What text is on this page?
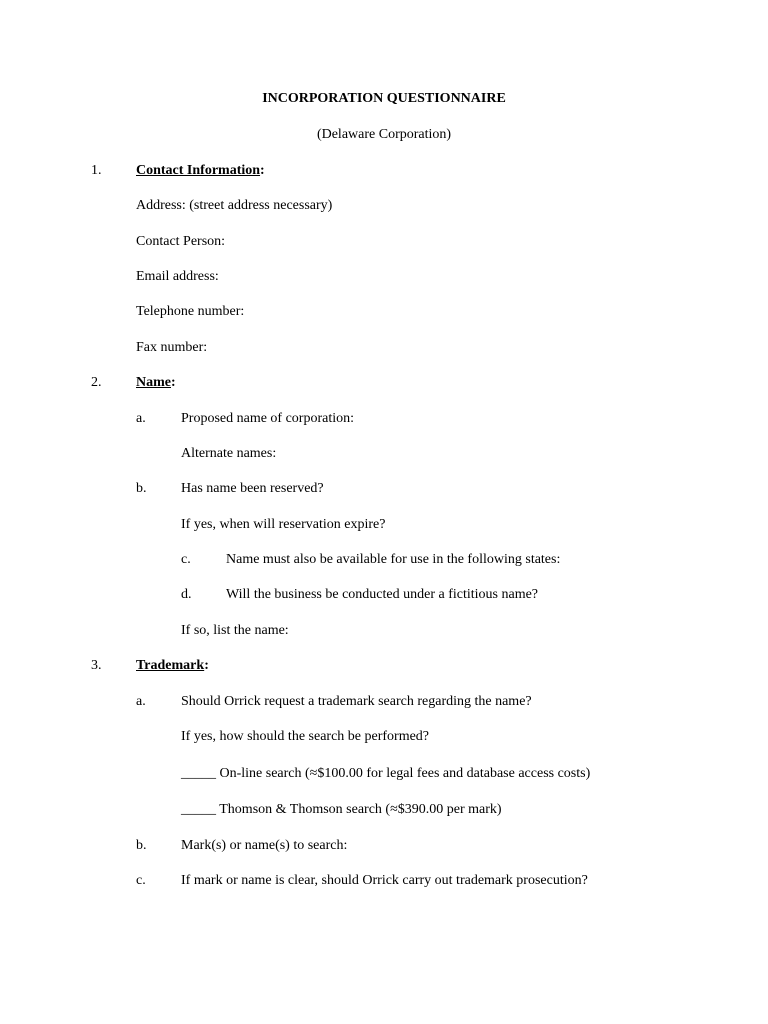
INCORPORATION QUESTIONNAIRE
(Delaware Corporation)
1. Contact Information:
Address: (street address necessary)
Contact Person:
Email address:
Telephone number:
Fax number:
2. Name:
a.	Proposed name of corporation:
Alternate names:
b. Has name been reserved?
If yes, when will reservation expire?
c.	Name must also be available for use in the following states:
d. Will the business be conducted under a fictitious name?
If so, list the name:
3. Trademark:
a.	Should Orrick request a trademark search regarding the name?
If yes, how should the search be performed?
_____ On-line search (≈$100.00 for legal fees and database access costs)
_____ Thomson & Thomson search (≈$390.00 per mark)
b. Mark(s) or name(s) to search:
c.	If mark or name is clear, should Orrick carry out trademark prosecution?
